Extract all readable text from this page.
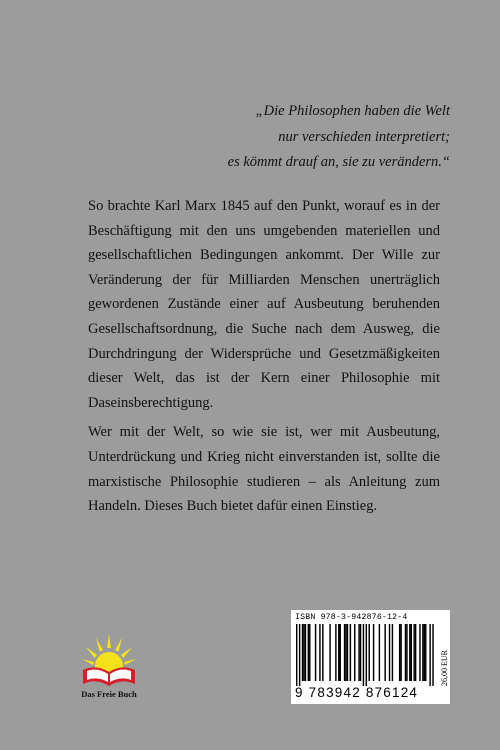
„Die Philosophen haben die Welt
nur verschieden interpretiert;
es kömmt drauf an, sie zu verändern.“

So brachte Karl Marx 1845 auf den Punkt, worauf es in der Beschäftigung mit den uns umgebenden materiellen und gesellschaftlichen Bedingungen ankommt. Der Wille zur Veränderung der für Milliarden Menschen unerträglich gewordenen Zustände einer auf Ausbeutung beruhenden Gesellschaftsordnung, die Suche nach dem Ausweg, die Durchdringung der Widersprüche und Gesetzmäßigkeiten dieser Welt, das ist der Kern einer Philosophie mit Daseinsberechtigung.

Wer mit der Welt, so wie sie ist, wer mit Ausbeutung, Unterdrückung und Krieg nicht einverstanden ist, sollte die marxistische Philosophie studieren – als Anleitung zum Handeln. Dieses Buch bietet dafür einen Einstieg.

Das Freie Buch
ISBN 978-3-942876-12-4
26,00 EUR
9 783942 876124
